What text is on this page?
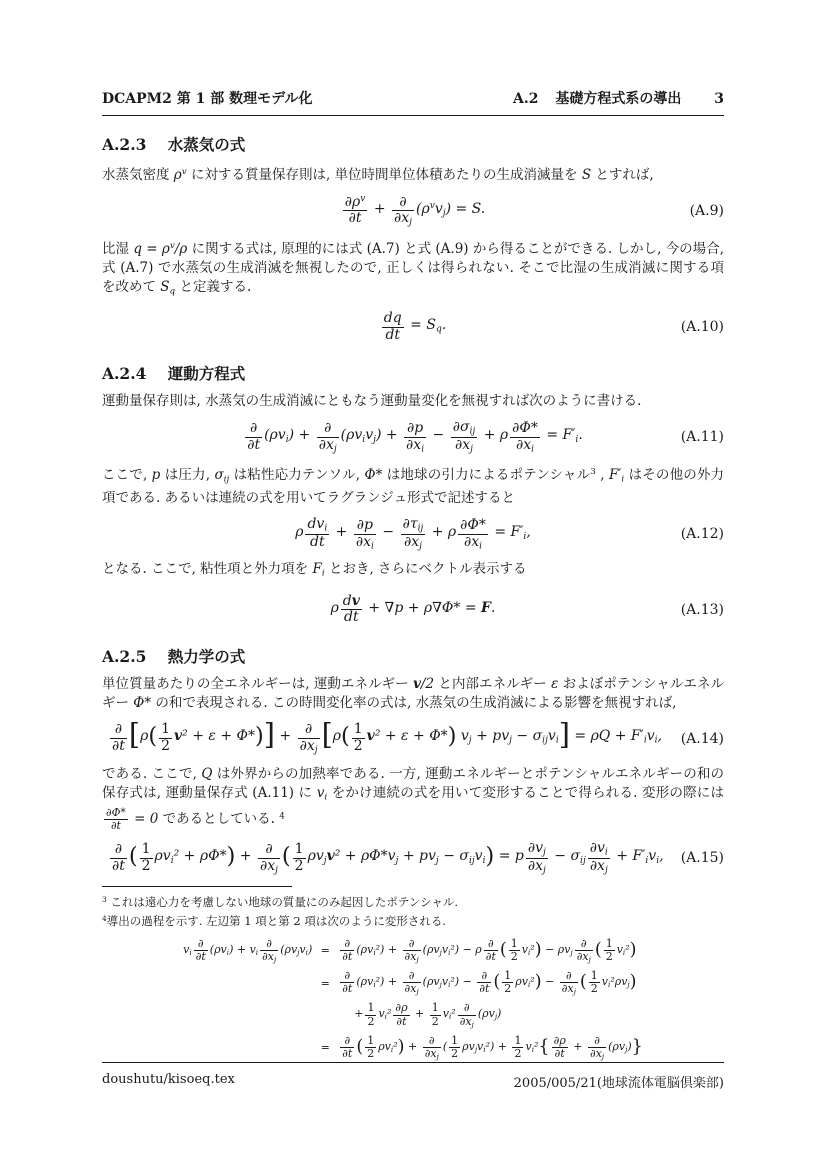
DCAPM2 第 1 部 数理モデル化	A.2 基礎方程式系の導出 3
A.2.3 水蒸気の式

水蒸気密度 $\rho^v$ に対する質量保存則は, 単位時間単位体積あたりの生成消滅量を S とすれば,

$\frac{\partial\rho^v}{\partial t} + \frac{\partial}{\partial xj} (\rho^vvj) = S$.	(A.9)

比湿 $q = \rho^v/\rho$ に関する式は, 原理的には式 (A.7) と式 (A.9) から得ることができる. しかし, 今の場合, 式 (A.7) で水蒸気の生成消滅を無視したので, 正しくは得られない. そこで比湿の生成消滅に関する項を改めて Sq と定義する.

$\frac{dq}{dt} = Sq$.	(A.10)
A.2.4 運動方程式

運動量保存則は, 水蒸気の生成消滅にともなう運動量変化を無視すれば次のように書ける.

$\frac{\partial}{\partial t} (\rho vi) + \frac{\partial}{\partial xj}$ (ρvivj) + $\frac{\partial p}{\partial xi} - \frac{\text{∂σij}}{\partial xj} + \rho \frac{\partial\Phi*}{\partial xi} = F'i$.	(A.11)

ここで, p は圧力, σij は粘性応力テンソル, Φ* は地球の引力によるポテンシャル$^3$ , F′i はその他の外力項である. あるいは連続の式を用いてラグランジュ形式で記述すると

ρ $\frac{\text{dvi}}{dt} + \frac{\partial p}{\partial xi} - \frac{\text{∂τij}}{\partial xj} + \rho \frac{\partial\Phi*}{\partial xi} = F'i$,	(A.12)

となる. ここで, 粘性項と外力項を Fi とおき, さらにベクトル表示する

ρ $\frac{dv}{dt} + \nabla p + \rho\nabla\Phi* = F$.	(A.13)
A.2.5 熱力学の式

単位質量あたりの全エネルギーは, 運動エネルギー v/2 と内部エネルギー ε およぼポテンシャルエネルギー Φ* の和で表現される. この時間変化率の式は, 水蒸気の生成消滅による影響を無視すれば,

$\frac{\partial}{\partial t} [\rho( \frac{1}{2} v^2 + \varepsilon + \Phi*)] + \frac{\partial}{\partial xj} [\rho( \frac{1}{2} v^2 + \varepsilon + \Phi*)$ vj + pvj − σijvi] = ρQ + F′ivi, (A.14)

である. ここで, Q は外界からの加熱率である. 一方, 運動エネルギーとポテンシャルエネルギーの和の保存式は, 運動量保存式 (A.11) に vi をかけ連続の式を用いて変形することで得られる. 変形の際には
$\frac{\partial\Phi*}{\partial t} = 0$ であるとしている. $^4$

$\frac{\partial}{\partial t}$ ( $\frac{1}{2} \rho vi^2 + \rho\Phi*) + \frac{\partial}{\partial xj}$ ( $\frac{1}{2} \rho vjv^2 + \rho\Phi*vj$ + pvj − σijvi) = p $\frac{\partial vj}{\partial xj} - \sigma ij \frac{\partial vi}{\partial xj} + F'ivi$, (A.15)

$^3$ これは遠心力を考慮しない地球の質量にのみ起因したポテンシャル.

$^4$導出の過程を示す. 左辺第 1 項と第 2 項は次のように変形される.

vi $\frac{\partial}{\partial t} (\rho vi)$ + vi $\frac{\partial}{\partial xj}$ (ρvjvi) = $\frac{\partial}{\partial t} (\rho vi^2) + \frac{\partial}{\partial xj}$ (ρvjvi²) − ρ $\frac{\partial}{\partial t}$ ( $\frac{1}{2} vi^2) - \rho vj \frac{\partial}{\partial xj}$ ( $\frac{1}{2} vi^2$)
= $\frac{\partial}{\partial t} (\rho vi^2) + \frac{\partial}{\partial xj}$ (ρvjvi²) − $\frac{\partial}{\partial t}$ ( $\frac{1}{2} \rho vi^2) - \frac{\partial}{\partial xj}$ ( $\frac{1}{2} vi^2\rho vj$)
+ $\frac{1}{2} vi^2 \frac{\partial\rho}{\partial t} + \frac{1}{2} vi^2 \frac{\partial}{\partial xj} (\rho vj)$
= $\frac{\partial}{\partial t}$ ( $\frac{1}{2} \rho vi^2) + \frac{\partial}{\partial xj}$ ( $\frac{1}{2}$ ρvjvi²) + $\frac{1}{2} vi^2\{ \frac{\partial\rho}{\partial t} + \frac{\partial}{\partial xj} (\rho vj)\}$
doushutu/kisoeq.tex	2005/005/21(地球流体電脳倶楽部)
